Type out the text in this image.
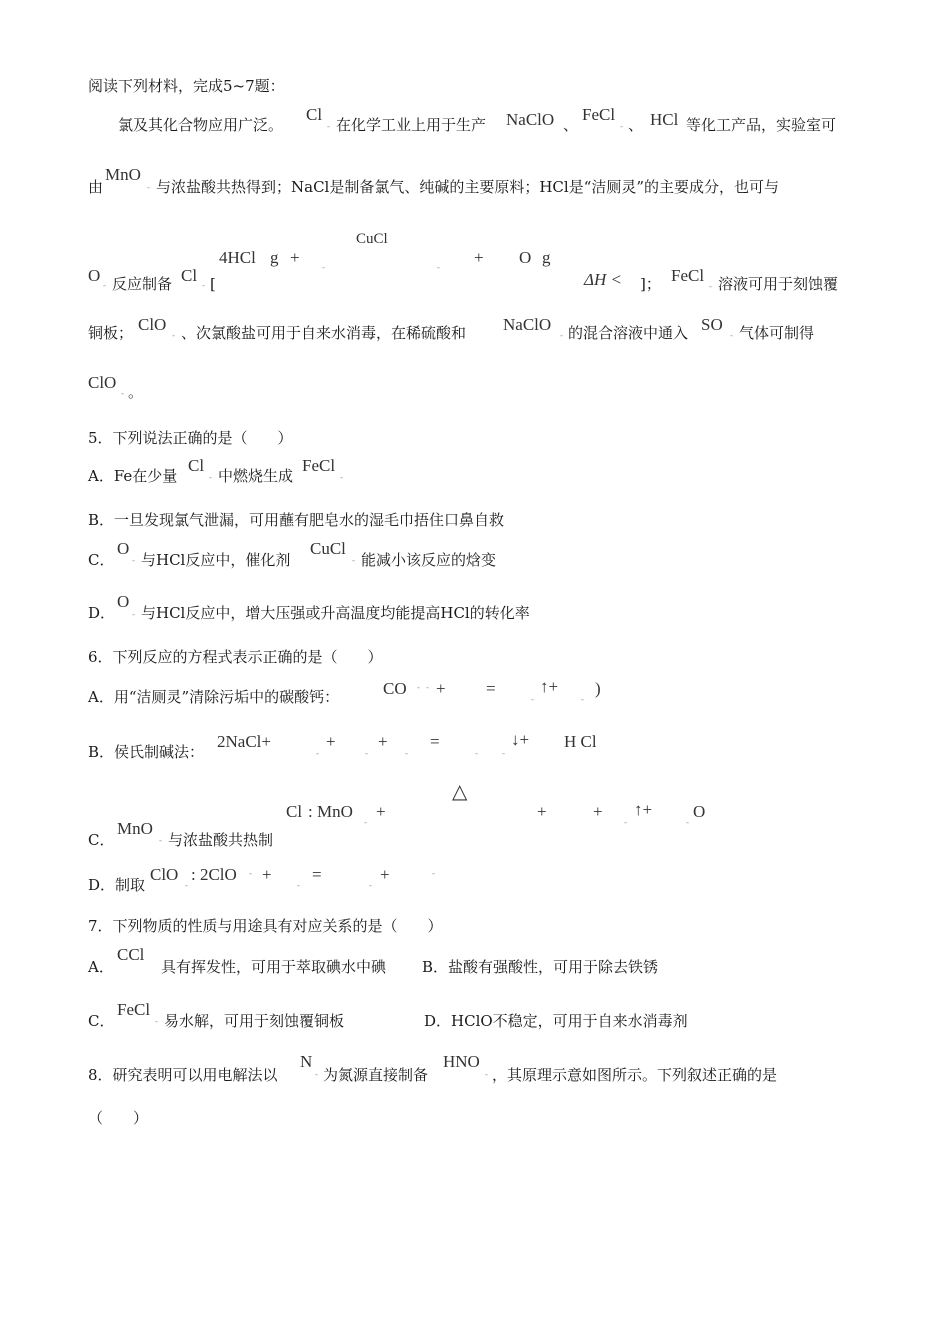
阅读下列材料，完成5~7题：
氯及其化合物应用广泛。
Cl
- 在化学工业上用于生产 NaClO 、
FeCl
- 、 HCl 等化工产品，实验室可
由
MnO
- 与浓盐酸共热得到；NaCl是制备氯气、纯碱的主要原料；HCl是“洁厕灵”的主要成分，也可与
CuCl
4HCl g + -	- + O g
O - 反应制备 Cl - [	ΔH < ]； FeCl
- 溶液可用于刻蚀覆
铜板； ClO
- 、次氯酸盐可用于自来水消毒，在稀硫酸和 NaClO
- 的混合溶液中通入 SO
- 气体可制得
ClO
- 。
5．下列说法正确的是（　　）
A．Fe在少量
Cl
- 中燃烧生成
FeCl
-
B．一旦发现氯气泄漏，可用蘸有肥皂水的湿毛巾捂住口鼻自救
C．
O
- 与HCl反应中，催化剂
CuCl
- 能减小该反应的焓变
D．
O
- 与HCl反应中，增大压强或升高温度均能提高HCl的转化率
6．下列反应的方程式表示正确的是（　　）
A．用“洁厕灵”清除污垢中的碳酸钙：	CO - - + =
-
↑+
-
)
B．侯氏制碱法：
2NaCl+
-
+
-
+
-
=
-	-
↓+ H Cl
△
Cl : MnO
-
+	+	+
-
↑+
-
O
C．
MnO
- 与浓盐酸共热制
D．制取
ClO
-
: 2ClO - +
-
=
-
+	-
7．下列物质的性质与用途具有对应关系的是（　　）
A．
CCl
具有挥发性，可用于萃取碘水中碘 B．盐酸有强酸性，可用于除去铁锈
C．
FeCl
- 易水解，可用于刻蚀覆铜板	D．HClO不稳定，可用于自来水消毒剂
8．研究表明可以用电解法以
N
- 为氮源直接制备
HNO
- ，其原理示意如图所示。下列叙述正确的是
（　　）
